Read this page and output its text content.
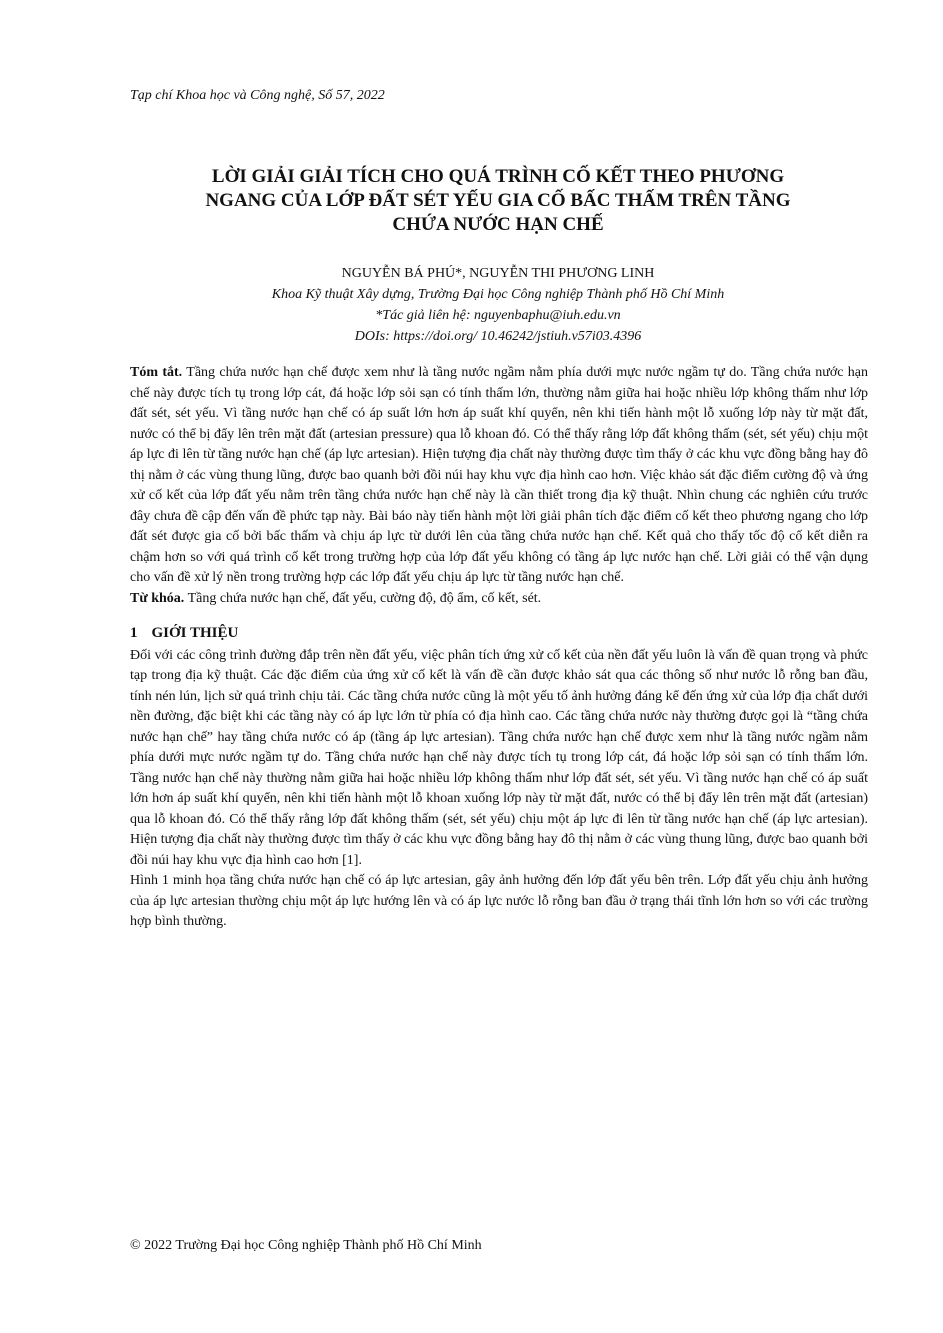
Tạp chí Khoa học và Công nghệ, Số 57, 2022
LỜI GIẢI GIẢI TÍCH CHO QUÁ TRÌNH CỐ KẾT THEO PHƯƠNG
NGANG CỦA LỚP ĐẤT SÉT YẾU GIA CỐ BẤC THẤM TRÊN TẦNG
CHỨA NƯỚC HẠN CHẾ
NGUYỄN BÁ PHÚ*, NGUYỄN THI PHƯƠNG LINH
Khoa Kỹ thuật Xây dựng, Trường Đại học Công nghiệp Thành phố Hồ Chí Minh
*Tác giả liên hệ: nguyenbaphu@iuh.edu.vn
DOIs: https://doi.org/ 10.46242/jstiuh.v57i03.4396

Tóm tắt. Tầng chứa nước hạn chế được xem như là tầng nước ngầm nằm phía dưới mực nước ngầm tự do. Tầng chứa nước hạn chế này được tích tụ trong lớp cát, đá hoặc lớp sỏi sạn có tính thấm lớn, thường nằm giữa hai hoặc nhiều lớp không thấm như lớp đất sét, sét yếu. Vì tầng nước hạn chế có áp suất lớn hơn áp suất khí quyển, nên khi tiến hành một lỗ xuống lớp này từ mặt đất, nước có thể bị đẩy lên trên mặt đất (artesian pressure) qua lỗ khoan đó. Có thể thấy rằng lớp đất không thấm (sét, sét yếu) chịu một áp lực đi lên từ tầng nước hạn chế (áp lực artesian). Hiện tượng địa chất này thường được tìm thấy ở các khu vực đồng bằng hay đô thị nằm ở các vùng thung lũng, được bao quanh bởi đồi núi hay khu vực địa hình cao hơn. Việc khảo sát đặc điểm cường độ và ứng xử cố kết của lớp đất yếu nằm trên tầng chứa nước hạn chế này là cần thiết trong địa kỹ thuật. Nhìn chung các nghiên cứu trước đây chưa đề cập đến vấn đề phức tạp này. Bài báo này tiến hành một lời giải phân tích đặc điểm cố kết theo phương ngang cho lớp đất sét được gia cố bởi bấc thấm và chịu áp lực từ dưới lên của tầng chứa nước hạn chế. Kết quả cho thấy tốc độ cố kết diễn ra chậm hơn so với quá trình cố kết trong trường hợp của lớp đất yếu không có tầng áp lực nước hạn chế. Lời giải có thể vận dụng cho vấn đề xử lý nền trong trường hợp các lớp đất yếu chịu áp lực từ tầng nước hạn chế.

Từ khóa. Tầng chứa nước hạn chế, đất yếu, cường độ, độ ẩm, cố kết, sét.

1 GIỚI THIỆU

Đối với các công trình đường đắp trên nền đất yếu, việc phân tích ứng xử cố kết của nền đất yếu luôn là vấn đề quan trọng và phức tạp trong địa kỹ thuật. Các đặc điểm của ứng xử cố kết là vấn đề cần được khảo sát qua các thông số như nước lỗ rỗng ban đầu, tính nén lún, lịch sử quá trình chịu tải. Các tầng chứa nước cũng là một yếu tố ảnh hưởng đáng kể đến ứng xử của lớp địa chất dưới nền đường, đặc biệt khi các tầng này có áp lực lớn từ phía có địa hình cao. Các tầng chứa nước này thường được gọi là “tầng chứa nước hạn chế” hay tầng chứa nước có áp (tầng áp lực artesian). Tầng chứa nước hạn chế được xem như là tầng nước ngầm nằm phía dưới mực nước ngầm tự do. Tầng chứa nước hạn chế này được tích tụ trong lớp cát, đá hoặc lớp sỏi sạn có tính thấm lớn. Tầng nước hạn chế này thường nằm giữa hai hoặc nhiều lớp không thấm như lớp đất sét, sét yếu. Vì tầng nước hạn chế có áp suất lớn hơn áp suất khí quyển, nên khi tiến hành một lỗ khoan xuống lớp này từ mặt đất, nước có thể bị đẩy lên trên mặt đất (artesian) qua lỗ khoan đó. Có thể thấy rằng lớp đất không thấm (sét, sét yếu) chịu một áp lực đi lên từ tầng nước hạn chế (áp lực artesian). Hiện tượng địa chất này thường được tìm thấy ở các khu vực đồng bằng hay đô thị nằm ở các vùng thung lũng, được bao quanh bởi đồi núi hay khu vực địa hình cao hơn [1].

Hình 1 minh họa tầng chứa nước hạn chế có áp lực artesian, gây ảnh hưởng đến lớp đất yếu bên trên. Lớp đất yếu chịu ảnh hưởng của áp lực artesian thường chịu một áp lực hướng lên và có áp lực nước lỗ rỗng ban đầu ở trạng thái tĩnh lớn hơn so với các trường hợp bình thường.

© 2022 Trường Đại học Công nghiệp Thành phố Hồ Chí Minh
